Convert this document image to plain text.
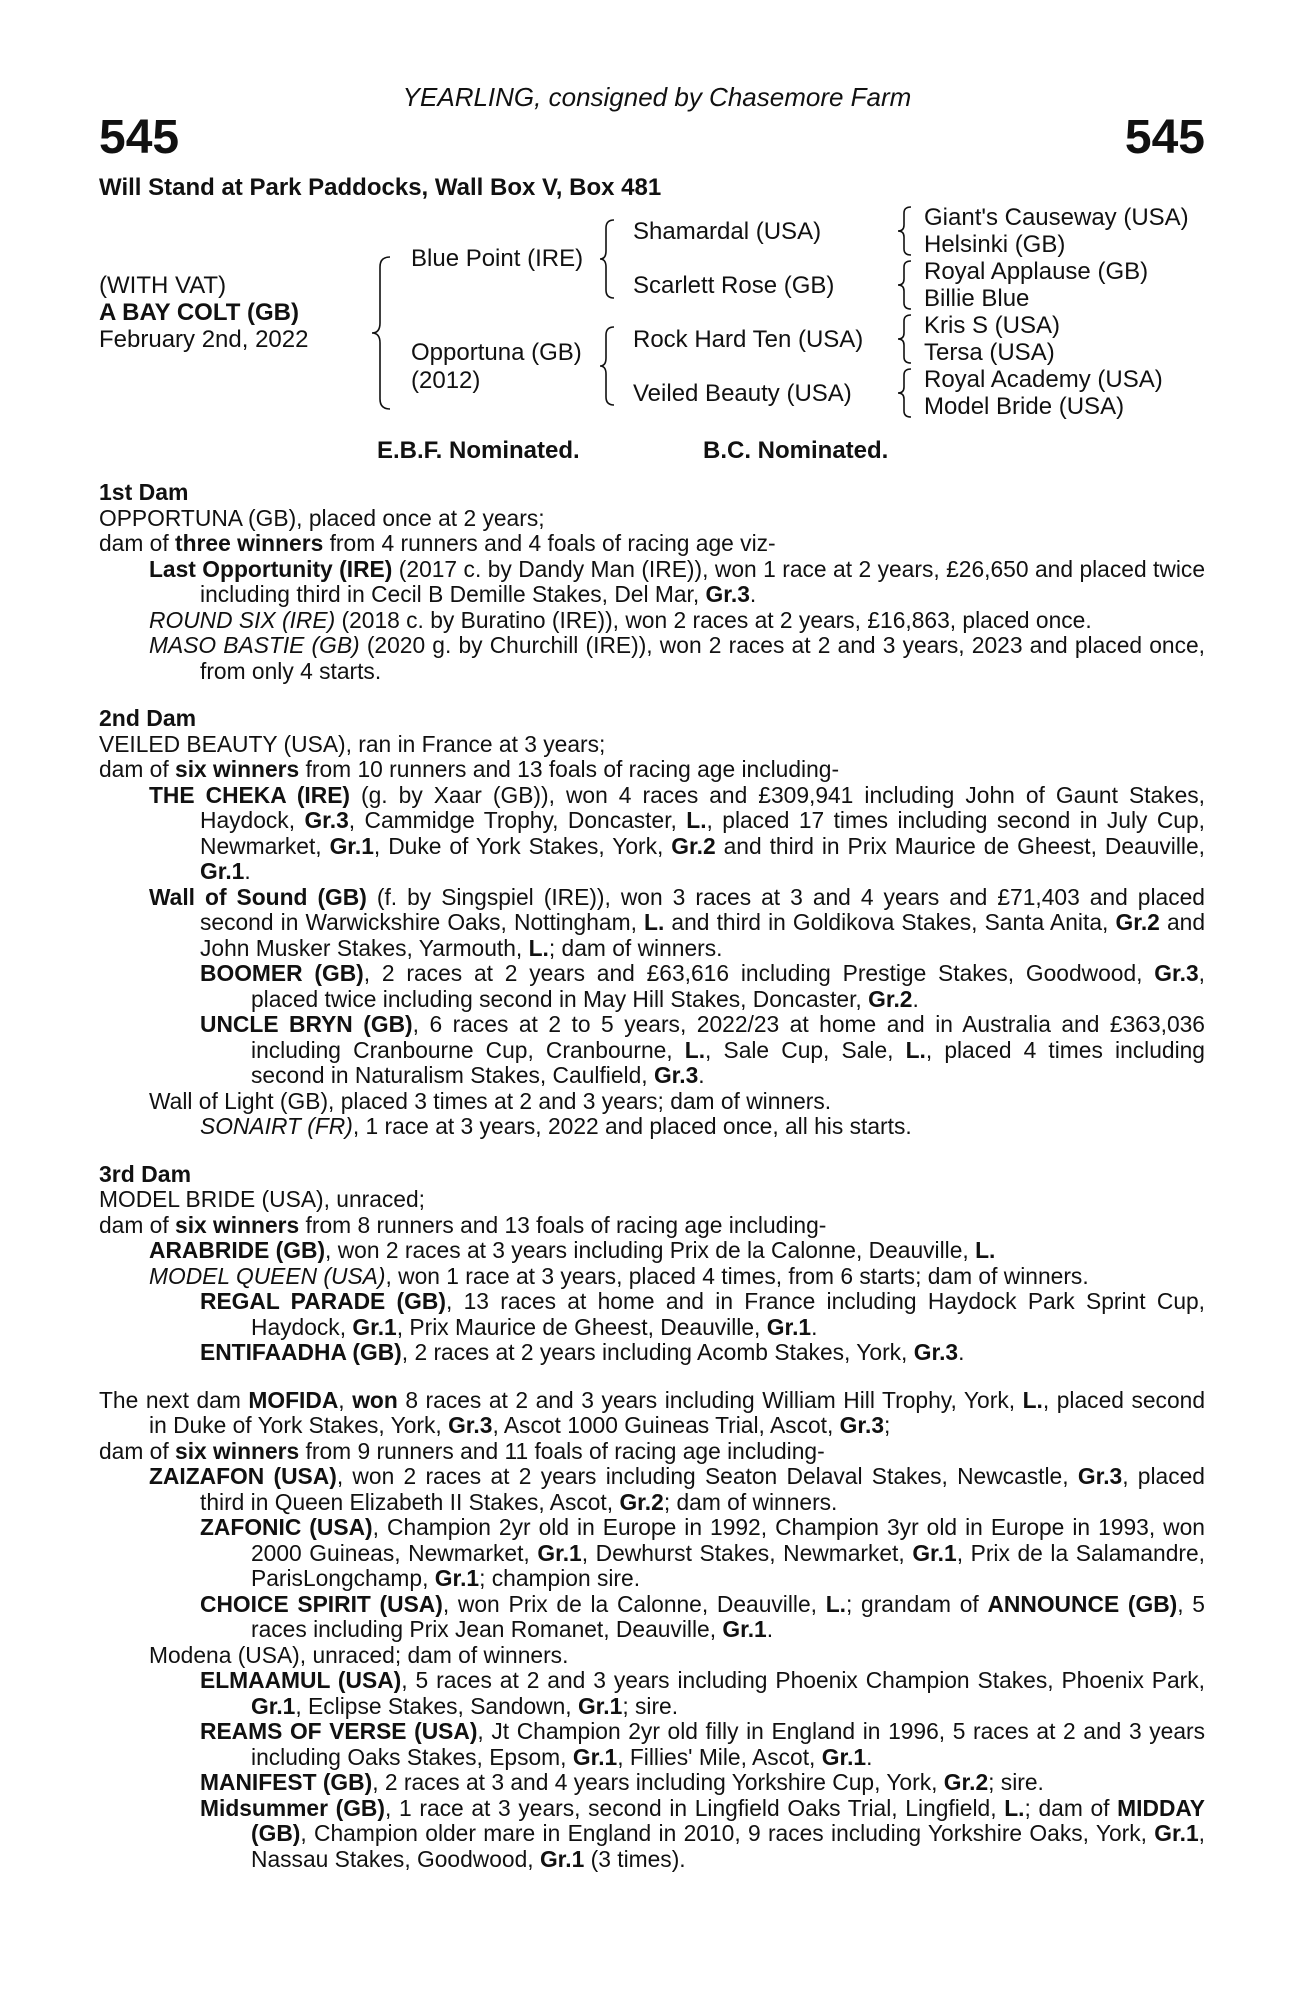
YEARLING, consigned by Chasemore Farm
545	545
Will Stand at Park Paddocks, Wall Box V, Box 481
(WITH VAT)
A BAY COLT (GB)
February 2nd, 2022
Blue Point (IRE)
Opportuna (GB)
(2012)
Shamardal (USA)
Scarlett Rose (GB)
Rock Hard Ten (USA)
Veiled Beauty (USA)
Giant's Causeway (USA)
Helsinki (GB)
Royal Applause (GB)
Billie Blue
Kris S (USA)
Tersa (USA)
Royal Academy (USA)
Model Bride (USA)
E.B.F. Nominated.	B.C. Nominated.
1st Dam
OPPORTUNA (GB), placed once at 2 years;
dam of three winners from 4 runners and 4 foals of racing age viz-
Last Opportunity (IRE) (2017 c. by Dandy Man (IRE)), won 1 race at 2 years, £26,650 and placed twice including third in Cecil B Demille Stakes, Del Mar, Gr.3.
ROUND SIX (IRE) (2018 c. by Buratino (IRE)), won 2 races at 2 years, £16,863, placed once.
MASO BASTIE (GB) (2020 g. by Churchill (IRE)), won 2 races at 2 and 3 years, 2023 and placed once, from only 4 starts.
2nd Dam
VEILED BEAUTY (USA), ran in France at 3 years;
dam of six winners from 10 runners and 13 foals of racing age including-
THE CHEKA (IRE) (g. by Xaar (GB)), won 4 races and £309,941 including John of Gaunt Stakes, Haydock, Gr.3, Cammidge Trophy, Doncaster, L., placed 17 times including second in July Cup, Newmarket, Gr.1, Duke of York Stakes, York, Gr.2 and third in Prix Maurice de Gheest, Deauville, Gr.1.
Wall of Sound (GB) (f. by Singspiel (IRE)), won 3 races at 3 and 4 years and £71,403 and placed second in Warwickshire Oaks, Nottingham, L. and third in Goldikova Stakes, Santa Anita, Gr.2 and John Musker Stakes, Yarmouth, L.; dam of winners.
BOOMER (GB), 2 races at 2 years and £63,616 including Prestige Stakes, Goodwood, Gr.3, placed twice including second in May Hill Stakes, Doncaster, Gr.2.
UNCLE BRYN (GB), 6 races at 2 to 5 years, 2022/23 at home and in Australia and £363,036 including Cranbourne Cup, Cranbourne, L., Sale Cup, Sale, L., placed 4 times including second in Naturalism Stakes, Caulfield, Gr.3.
Wall of Light (GB), placed 3 times at 2 and 3 years; dam of winners.
SONAIRT (FR), 1 race at 3 years, 2022 and placed once, all his starts.
3rd Dam
MODEL BRIDE (USA), unraced;
dam of six winners from 8 runners and 13 foals of racing age including-
ARABRIDE (GB), won 2 races at 3 years including Prix de la Calonne, Deauville, L.
MODEL QUEEN (USA), won 1 race at 3 years, placed 4 times, from 6 starts; dam of winners.
REGAL PARADE (GB), 13 races at home and in France including Haydock Park Sprint Cup, Haydock, Gr.1, Prix Maurice de Gheest, Deauville, Gr.1.
ENTIFAADHA (GB), 2 races at 2 years including Acomb Stakes, York, Gr.3.
The next dam MOFIDA, won 8 races at 2 and 3 years including William Hill Trophy, York, L., placed second in Duke of York Stakes, York, Gr.3, Ascot 1000 Guineas Trial, Ascot, Gr.3;
dam of six winners from 9 runners and 11 foals of racing age including-
ZAIZAFON (USA), won 2 races at 2 years including Seaton Delaval Stakes, Newcastle, Gr.3, placed third in Queen Elizabeth II Stakes, Ascot, Gr.2; dam of winners.
ZAFONIC (USA), Champion 2yr old in Europe in 1992, Champion 3yr old in Europe in 1993, won 2000 Guineas, Newmarket, Gr.1, Dewhurst Stakes, Newmarket, Gr.1, Prix de la Salamandre, ParisLongchamp, Gr.1; champion sire.
CHOICE SPIRIT (USA), won Prix de la Calonne, Deauville, L.; grandam of ANNOUNCE (GB), 5 races including Prix Jean Romanet, Deauville, Gr.1.
Modena (USA), unraced; dam of winners.
ELMAAMUL (USA), 5 races at 2 and 3 years including Phoenix Champion Stakes, Phoenix Park, Gr.1, Eclipse Stakes, Sandown, Gr.1; sire.
REAMS OF VERSE (USA), Jt Champion 2yr old filly in England in 1996, 5 races at 2 and 3 years including Oaks Stakes, Epsom, Gr.1, Fillies' Mile, Ascot, Gr.1.
MANIFEST (GB), 2 races at 3 and 4 years including Yorkshire Cup, York, Gr.2; sire.
Midsummer (GB), 1 race at 3 years, second in Lingfield Oaks Trial, Lingfield, L.; dam of MIDDAY (GB), Champion older mare in England in 2010, 9 races including Yorkshire Oaks, York, Gr.1, Nassau Stakes, Goodwood, Gr.1 (3 times).
